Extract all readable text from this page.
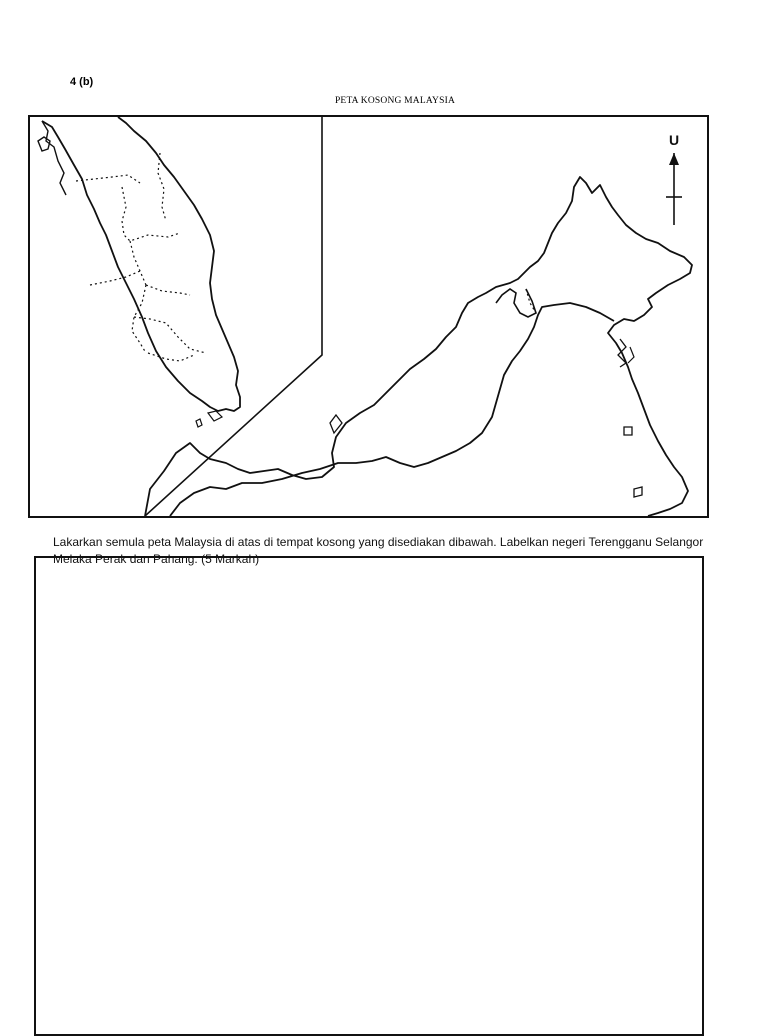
4 (b)
PETA KOSONG MALAYSIA
U
Lakarkan semula peta Malaysia di atas di tempat kosong yang disediakan dibawah. Labelkan negeri Terengganu Selangor Melaka Perak dan Pahang. (5 Markah)
